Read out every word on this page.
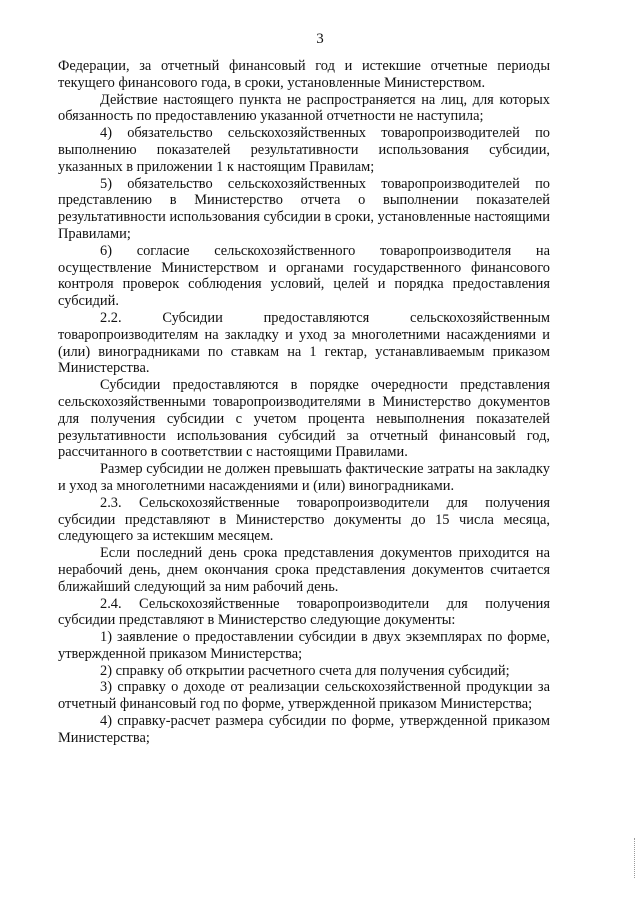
3

Федерации, за отчетный финансовый год и истекшие отчетные периоды текущего финансового года, в сроки, установленные Министерством.

Действие настоящего пункта не распространяется на лиц, для которых обязанность по предоставлению указанной отчетности не наступила;

4) обязательство сельскохозяйственных товаропроизводителей по выполнению показателей результативности использования субсидии, указанных в приложении 1 к настоящим Правилам;

5) обязательство сельскохозяйственных товаропроизводителей по представлению в Министерство отчета о выполнении показателей результативности использования субсидии в сроки, установленные настоящими Правилами;

6) согласие сельскохозяйственного товаропроизводителя на осуществление Министерством и органами государственного финансового контроля проверок соблюдения условий, целей и порядка предоставления субсидий.

2.2. Субсидии предоставляются сельскохозяйственным товаропроизводителям на закладку и уход за многолетними насаждениями и (или) виноградниками по ставкам на 1 гектар, устанавливаемым приказом Министерства.

Субсидии предоставляются в порядке очередности представления сельскохозяйственными товаропроизводителями в Министерство документов для получения субсидии с учетом процента невыполнения показателей результативности использования субсидий за отчетный финансовый год, рассчитанного в соответствии с настоящими Правилами.

Размер субсидии не должен превышать фактические затраты на закладку и уход за многолетними насаждениями и (или) виноградниками.

2.3. Сельскохозяйственные товаропроизводители для получения субсидии представляют в Министерство документы до 15 числа месяца, следующего за истекшим месяцем.

Если последний день срока представления документов приходится на нерабочий день, днем окончания срока представления документов считается ближайший следующий за ним рабочий день.

2.4. Сельскохозяйственные товаропроизводители для получения субсидии представляют в Министерство следующие документы:

1) заявление о предоставлении субсидии в двух экземплярах по форме, утвержденной приказом Министерства;

2) справку об открытии расчетного счета для получения субсидий;

3) справку о доходе от реализации сельскохозяйственной продукции за отчетный финансовый год по форме, утвержденной приказом Министерства;

4) справку-расчет размера субсидии по форме, утвержденной приказом Министерства;
